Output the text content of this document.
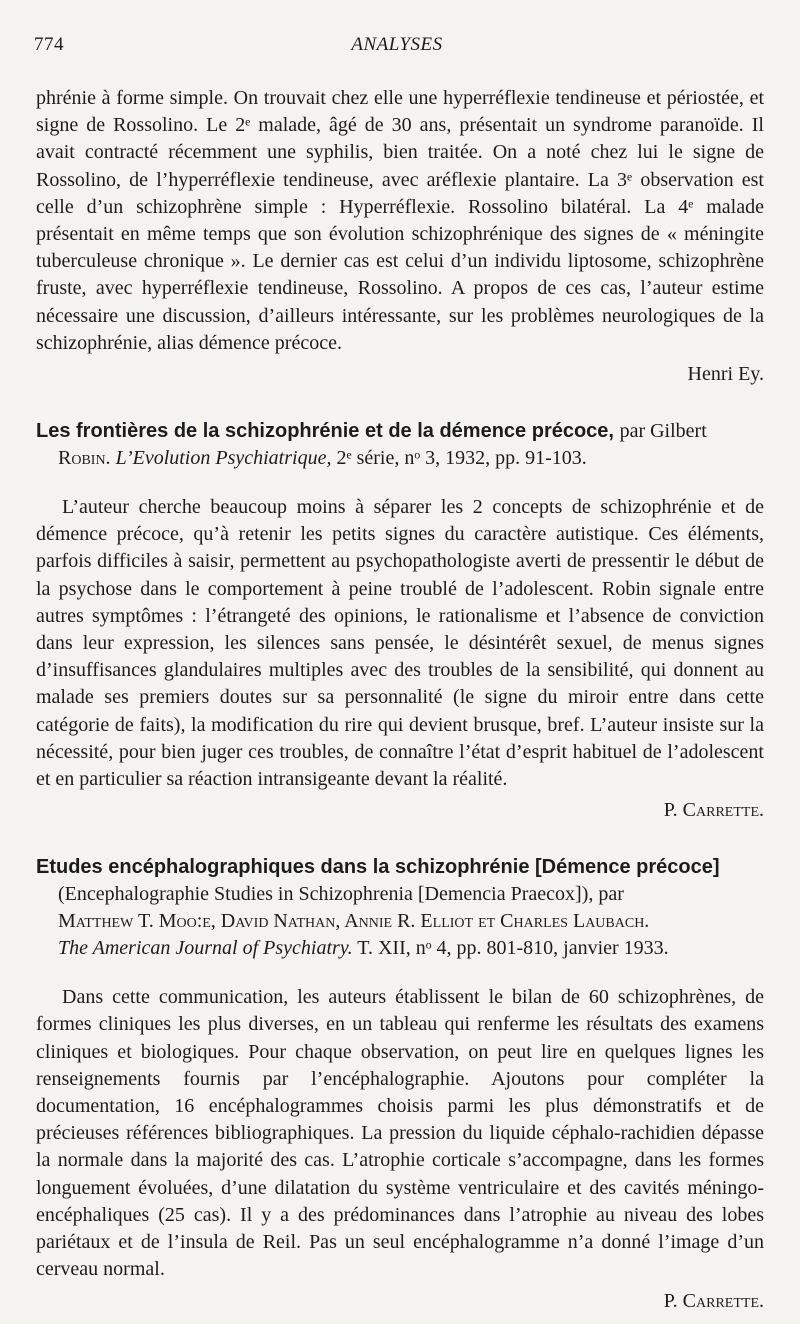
774	ANALYSES

phrénie à forme simple. On trouvait chez elle une hyperréflexie tendineuse et périostée, et signe de Rossolino. Le 2ᵉ malade, âgé de 30 ans, présentait un syndrome paranoïde. Il avait contracté récemment une syphilis, bien traitée. On a noté chez lui le signe de Rossolino, de l’hyperréflexie tendineuse, avec aréflexie plantaire. La 3ᵉ observation est celle d’un schizophrène simple : Hyperréflexie. Rossolino bilatéral. La 4ᵉ malade présentait en même temps que son évolution schizophrénique des signes de « méningite tuberculeuse chronique ». Le dernier cas est celui d’un individu liptosome, schizophrène fruste, avec hyperréflexie tendineuse, Rossolino. A propos de ces cas, l’auteur estime nécessaire une discussion, d’ailleurs intéressante, sur les problèmes neurologiques de la schizophrénie, alias démence précoce.

Henri Ey.

Les frontières de la schizophrénie et de la démence précoce, par Gilbert

Robin. L’Evolution Psychiatrique, 2ᵉ série, nᵒ 3, 1932, pp. 91-103.

L’auteur cherche beaucoup moins à séparer les 2 concepts de schizophrénie et de démence précoce, qu’à retenir les petits signes du caractère autistique. Ces éléments, parfois difficiles à saisir, permettent au psychopathologiste averti de pressentir le début de la psychose dans le comportement à peine troublé de l’adolescent. Robin signale entre autres symptômes : l’étrangeté des opinions, le rationalisme et l’absence de conviction dans leur expression, les silences sans pensée, le désintérêt sexuel, de menus signes d’insuffisances glandulaires multiples avec des troubles de la sensibilité, qui donnent au malade ses premiers doutes sur sa personnalité (le signe du miroir entre dans cette catégorie de faits), la modification du rire qui devient brusque, bref. L’auteur insiste sur la nécessité, pour bien juger ces troubles, de connaître l’état d’esprit habituel de l’adolescent et en particulier sa réaction intransigeante devant la réalité.

P. Carrette.

Etudes encéphalographiques dans la schizophrénie [Démence précoce]

(Encephalographie Studies in Schizophrenia [Demencia Praecox]), par

Matthew T. Moo:e, David Nathan, Annie R. Elliot et Charles Laubach.

The American Journal of Psychiatry. T. XII, nᵒ 4, pp. 801-810, janvier 1933.

Dans cette communication, les auteurs établissent le bilan de 60 schizophrènes, de formes cliniques les plus diverses, en un tableau qui renferme les résultats des examens cliniques et biologiques. Pour chaque observation, on peut lire en quelques lignes les renseignements fournis par l’encéphalographie. Ajoutons pour compléter la documentation, 16 encéphalogrammes choisis parmi les plus démonstratifs et de précieuses références bibliographiques. La pression du liquide céphalo-rachidien dépasse la normale dans la majorité des cas. L’atrophie corticale s’accompagne, dans les formes longuement évoluées, d’une dilatation du système ventriculaire et des cavités méningo-encéphaliques (25 cas). Il y a des prédominances dans l’atrophie au niveau des lobes pariétaux et de l’insula de Reil. Pas un seul encéphalogramme n’a donné l’image d’un cerveau normal.

P. Carrette.
